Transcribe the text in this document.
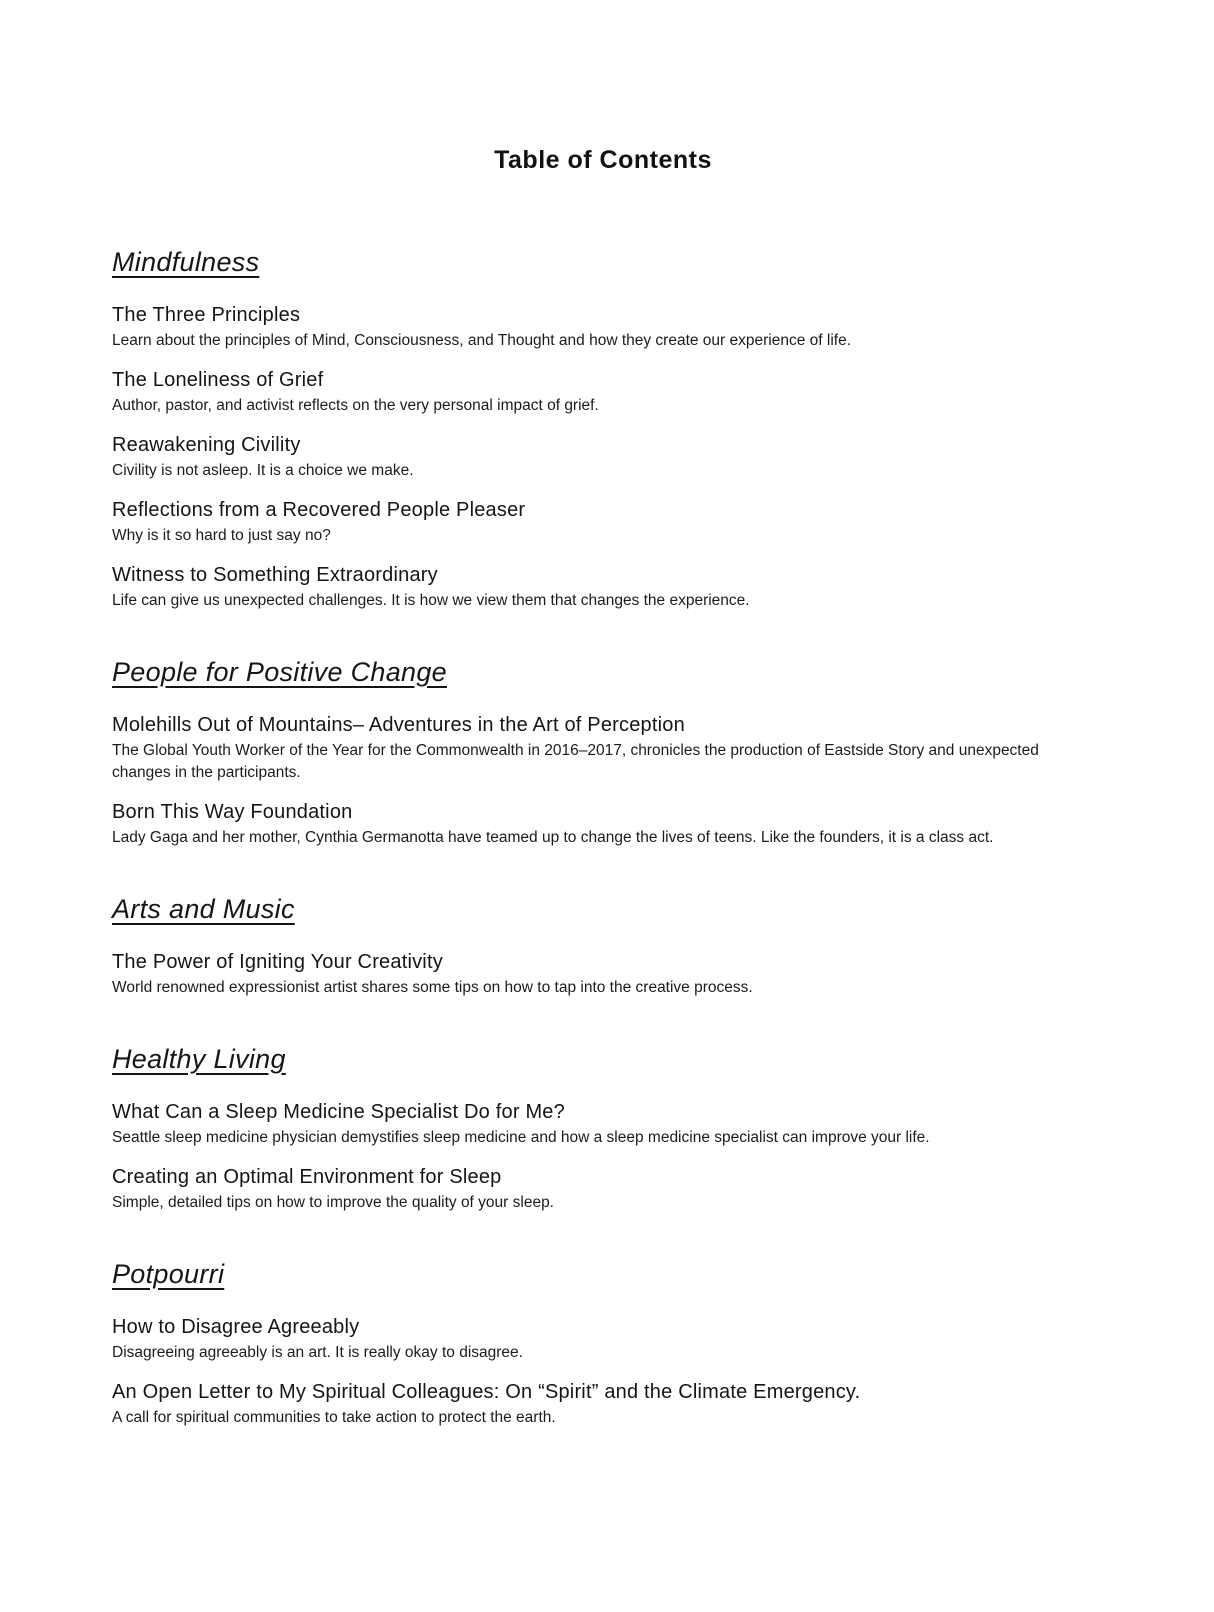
Table of Contents
Mindfulness
The Three Principles
Learn about the principles of Mind, Consciousness, and Thought and how they create our experience of life.
The Loneliness of Grief
Author, pastor, and activist reflects on the very personal impact of grief.
Reawakening Civility
Civility is not asleep. It is a choice we make.
Reflections from a Recovered People Pleaser
Why is it so hard to just say no?
Witness to Something Extraordinary
Life can give us unexpected challenges. It is how we view them that changes the experience.
People for Positive Change
Molehills Out of Mountains– Adventures in the Art of Perception
The Global Youth Worker of the Year for the Commonwealth in 2016–2017, chronicles the production of Eastside Story and unexpected changes in the participants.
Born This Way Foundation
Lady Gaga and her mother, Cynthia Germanotta have teamed up to change the lives of teens. Like the founders, it is a class act.
Arts and Music
The Power of Igniting Your Creativity
World renowned expressionist artist shares some tips on how to tap into the creative process.
Healthy Living
What Can a Sleep Medicine Specialist Do for Me?
Seattle sleep medicine physician demystifies sleep medicine and how a sleep medicine specialist can improve your life.
Creating an Optimal Environment for Sleep
Simple, detailed tips on how to improve the quality of your sleep.
Potpourri
How to Disagree Agreeably
Disagreeing agreeably is an art. It is really okay to disagree.
An Open Letter to My Spiritual Colleagues: On “Spirit” and the Climate Emergency.
A call for spiritual communities to take action to protect the earth.
